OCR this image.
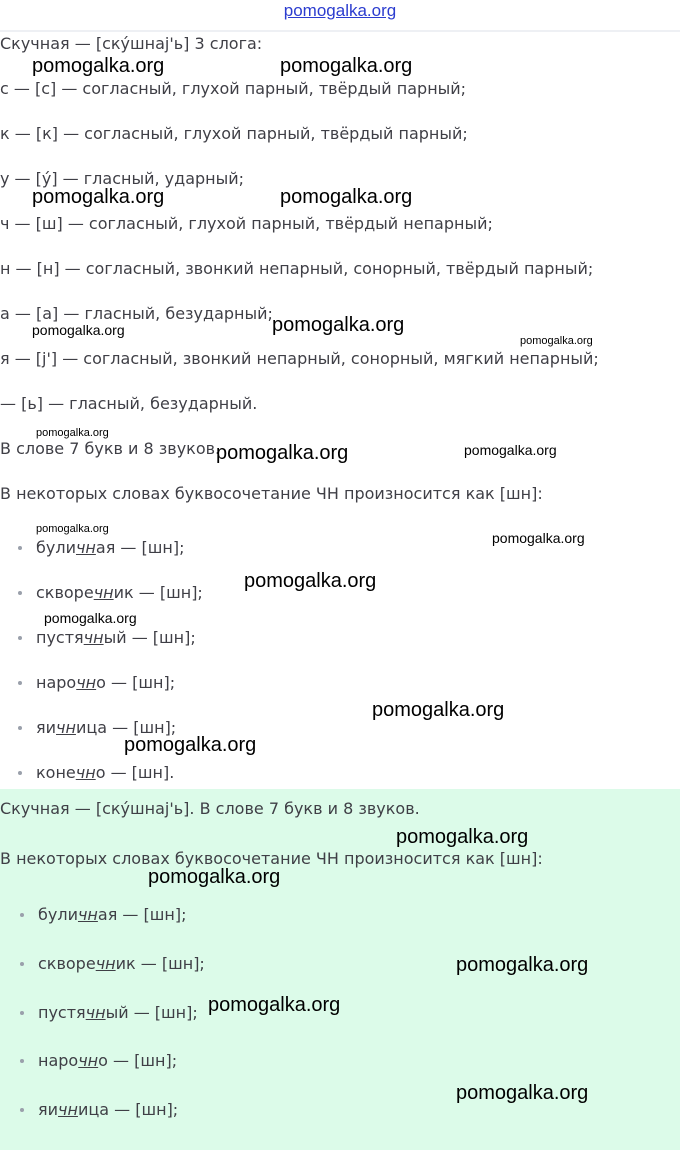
pomogalka.org
Скучная — [ску́шнаj'ь] 3 слога:
с — [с] — согласный, глухой парный, твёрдый парный;
к — [к] — согласный, глухой парный, твёрдый парный;
у — [у́] — гласный, ударный;
ч — [ш] — согласный, глухой парный, твёрдый непарный;
н — [н] — согласный, звонкий непарный, сонорный, твёрдый парный;
а — [а] — гласный, безударный;
я — [j'] — согласный, звонкий непарный, сонорный, мягкий непарный;
— [ь] — гласный, безударный.
В слове 7 букв и 8 звуков.
В некоторых словах буквосочетание ЧН произносится как [шн]:
буличная — [шн];
скворечник — [шн];
пустячный — [шн];
нарочно — [шн];
яичница — [шн];
конечно — [шн].
Скучная — [ску́шнаj'ь]. В слове 7 букв и 8 звуков.
В некоторых словах буквосочетание ЧН произносится как [шн]:
буличная — [шн];
скворечник — [шн];
пустячный — [шн];
нарочно — [шн];
яичница — [шн];
pomogalka.org	pomogalka.org
pomogalka.org	pomogalka.org
pomogalka.org	pomogalka.org
pomogalka.org
pomogalka.org
pomogalka.org	pomogalka.org
pomogalka.org
pomogalka.org
pomogalka.org
pomogalka.org
pomogalka.org
pomogalka.org
pomogalka.org
pomogalka.org
pomogalka.org
pomogalka.org
pomogalka.org
